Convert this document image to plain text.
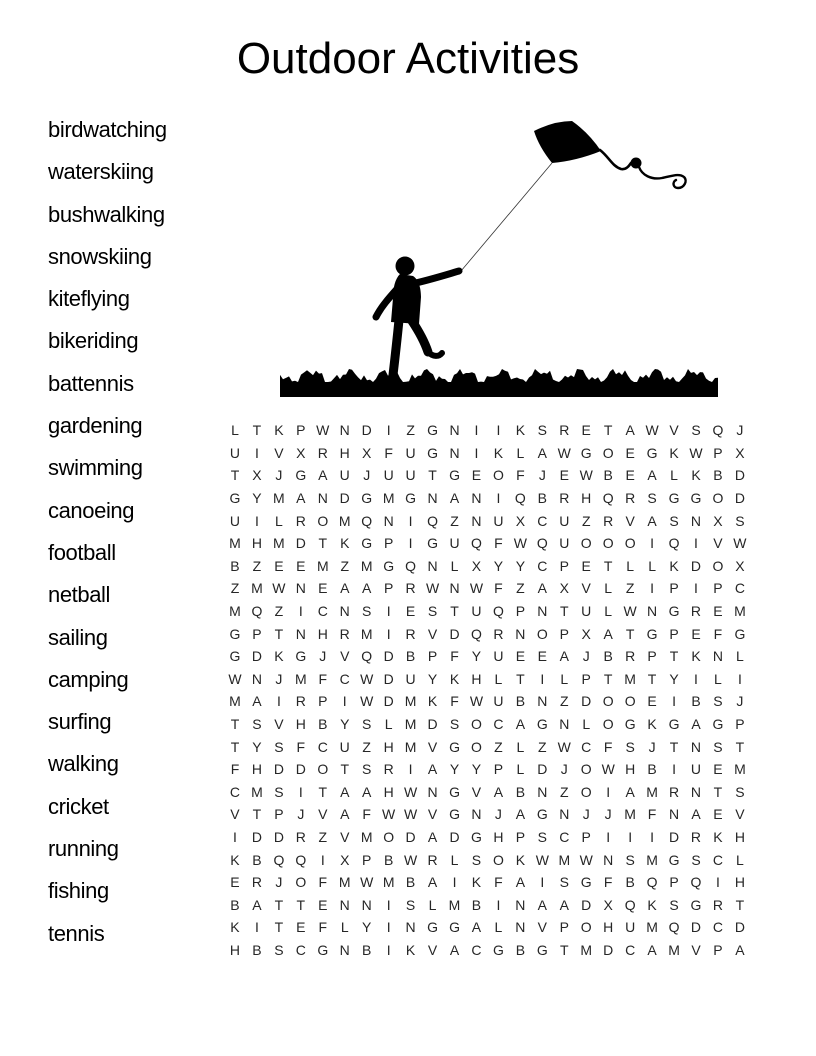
Outdoor Activities
birdwatching
waterskiing
bushwalking
snowskiing
kiteflying
bikeriding
battennis
gardening
swimming
canoeing
football
netball
sailing
camping
surfing
walking
cricket
running
fishing
tennis
L T K P W N D	I	Z G N	I	I	K S R E T A W V S Q J
U	I	V X R H X F U G N	I	K L A W G O E G K W P X
T X J G A U J U U T G E O F	J E W B E A L K B D
G Y M A N D G M G N A N	I	Q B R H Q R S G G O D
U	I	L R O M Q N	I	Q Z N U X C U Z R V A S N X S
M H M D T K G P	I	G U Q F W Q U O O O	I	Q	I	V W
B Z E E M Z M G Q N L X Y Y C P E T L	L K D O X
Z M W N E A A P R W N W F Z A X V L Z	I	P	I	P C
M Q Z	I	C N S	I	E S T U Q P N T U L W N G R E M
G P T N H R M	I	R V D Q R N O P X A T G P E F G
G D K G J V Q D B P F Y U E E A J B R P T K N L
W N J M F C W D U Y K H L T	I	L P T M T Y	I	L	I
M A	I	R P	I W D M K F W U B N Z D O O E	I	B S J
T S V H B Y S L M D S O C A G N L O G K G A G P
T Y S F C U Z H M V G O Z L Z W C F S J	T N S T
F H D D O T S R	I	A Y Y P L D J O W H B	I	U E M
C M S	I	T A A H W N G V A B N Z O	I	A M R N T S
V T P J V A F W W V G N J A G N J	J M F N A E V
I	D D R Z V M O D A D G H P S C P	I	I	I	D R K H
K B Q Q	I	X P B W R L S O K W M W N S M G S C L
E R J O F M W M B A	I	K F A	I	S G F B Q P Q	I	H
B A T T E N N	I	S L M B	I	N A A D X Q K S G R T
K	I	T E F L Y	I	N G G A L N V P O H U M Q D C D
H B S C G N B	I	K V A C G B G T M D C A M V P A
